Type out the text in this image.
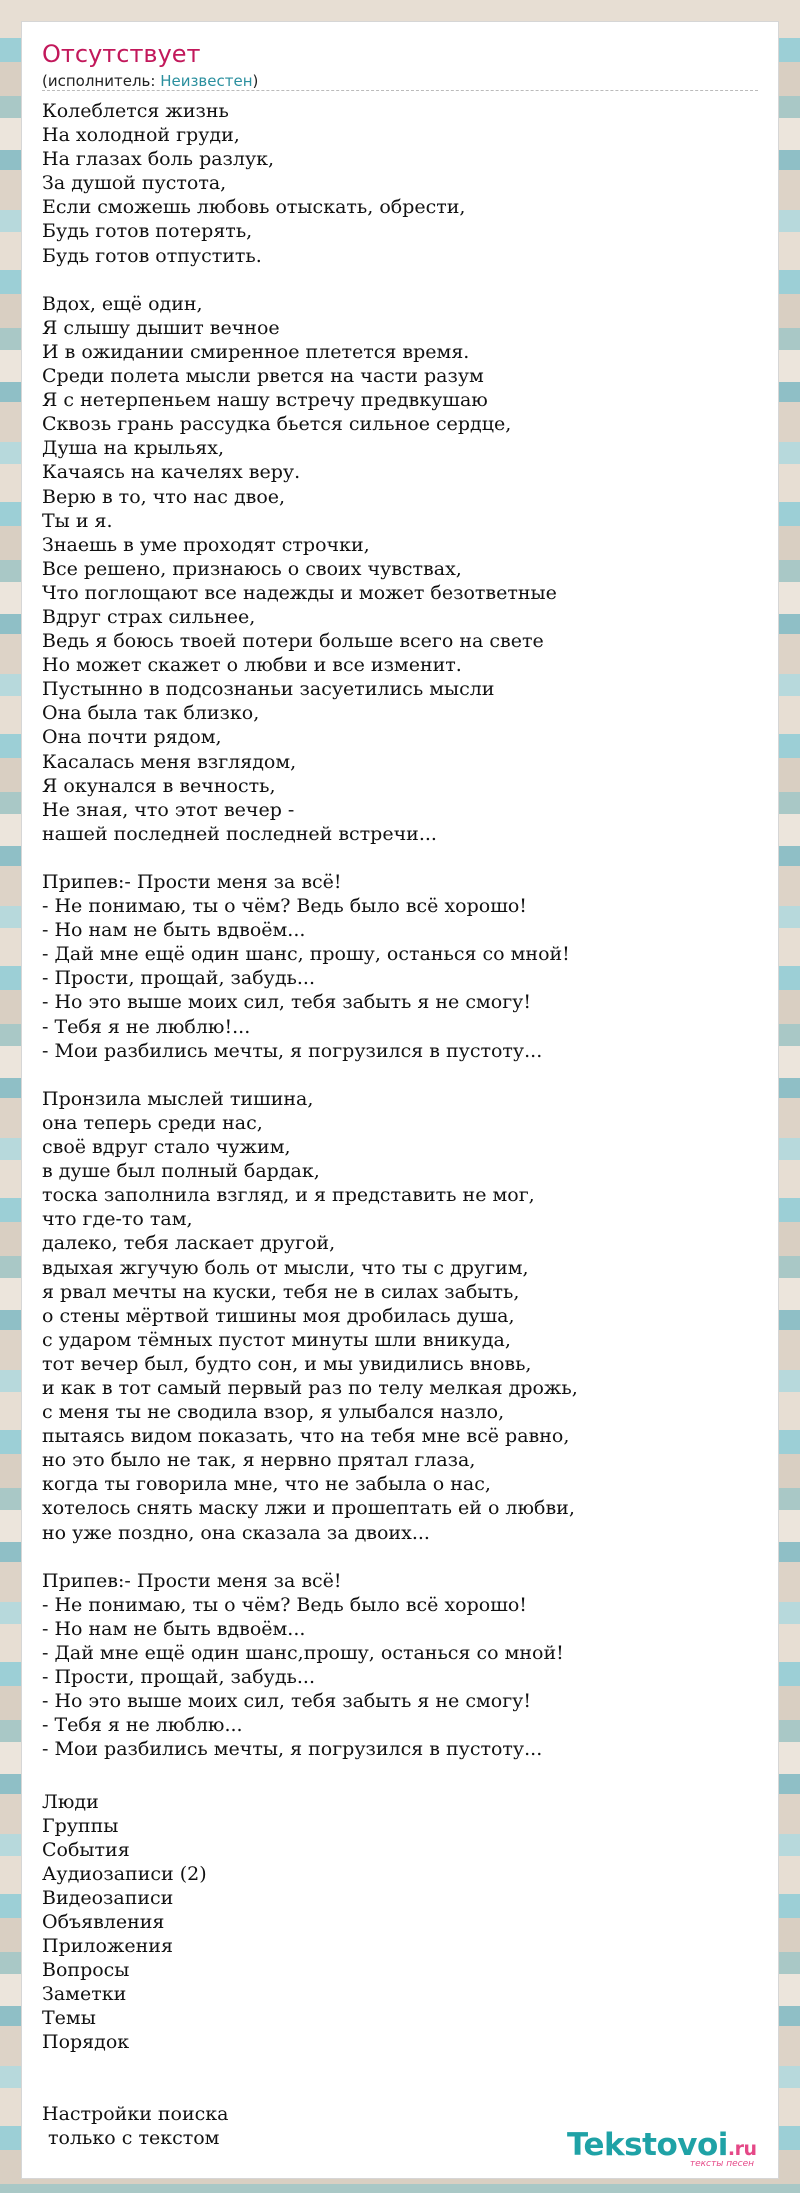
Отсутствует
(исполнитель: Неизвестен)
Колеблется жизнь
На холодной груди,
На глазах боль разлук,
За душой пустота,
Если сможешь любовь отыскать, обрести,
Будь готов потерять,
Будь готов отпустить.
Вдох, ещё один,
Я слышу дышит вечное
И в ожидании смиренное плетется время.
Среди полета мысли рвется на части разум
Я с нетерпеньем нашу встречу предвкушаю
Сквозь грань рассудка бьется сильное сердце,
Душа на крыльях,
Качаясь на качелях веру.
Верю в то, что нас двое,
Ты и я.
Знаешь в уме проходят строчки,
Все решено, признаюсь о своих чувствах,
Что поглощают все надежды и может безответные
Вдруг страх сильнее,
Ведь я боюсь твоей потери больше всего на свете
Но может скажет о любви и все изменит.
Пустынно в подсознаньи засуетились мысли
Она была так близко,
Она почти рядом,
Касалась меня взглядом,
Я окунался в вечность,
Не зная, что этот вечер -
нашей последней последней встречи...
Припев:- Прости меня за всё!
- Не понимаю, ты о чём? Ведь было всё хорошо!
- Но нам не быть вдвоём...
- Дай мне ещё один шанс, прошу, останься со мной!
- Прости, прощай, забудь...
- Но это выше моих сил, тебя забыть я не смогу!
- Тебя я не люблю!...
- Мои разбились мечты, я погрузился в пустоту...
Пронзила мыслей тишина,
она теперь среди нас,
своё вдруг стало чужим,
в душе был полный бардак,
тоска заполнила взгляд, и я представить не мог,
что где-то там,
далеко, тебя ласкает другой,
вдыхая жгучую боль от мысли, что ты с другим,
я рвал мечты на куски, тебя не в силах забыть,
о стены мёртвой тишины моя дробилась душа,
с ударом тёмных пустот минуты шли вникуда,
тот вечер был, будто сон, и мы увидились вновь,
и как в тот самый первый раз по телу мелкая дрожь,
с меня ты не сводила взор, я улыбался назло,
пытаясь видом показать, что на тебя мне всё равно,
но это было не так, я нервно прятал глаза,
когда ты говорила мне, что не забыла о нас,
хотелось снять маску лжи и прошептать ей о любви,
но уже поздно, она сказала за двоих...
Припев:- Прости меня за всё!
- Не понимаю, ты о чём? Ведь было всё хорошо!
- Но нам не быть вдвоём...
- Дай мне ещё один шанс,прошу, останься со мной!
- Прости, прощай, забудь...
- Но это выше моих сил, тебя забыть я не смогу!
- Тебя я не люблю...
- Мои разбились мечты, я погрузился в пустоту...
Люди
Группы
События
Аудиозаписи (2)
Видеозаписи
Объявления
Приложения
Вопросы
Заметки
Темы
Порядок
Настройки поиска
только с текстом	Tekstovoi.ru
тексты песен
